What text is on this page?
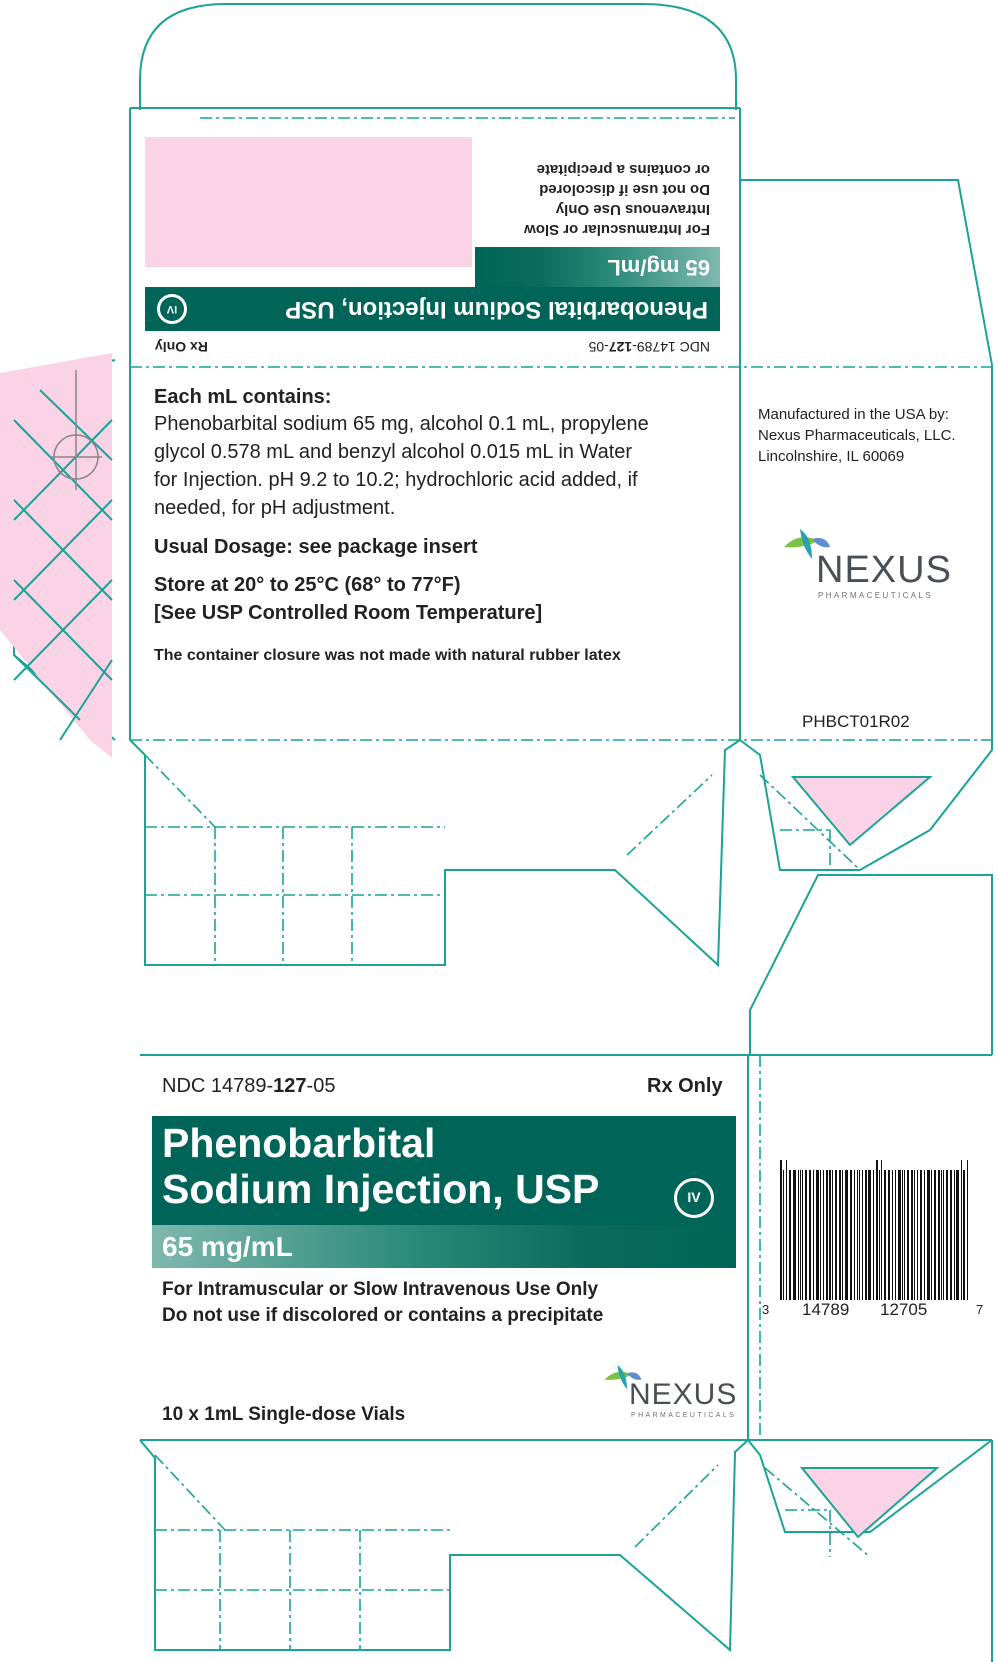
NDC 14789-127-05
Rx Only
Phenobarbital Sodium Injection, USP
IV
65 mg/mL
For Intramuscular or Slow
Intravenous Use Only
Do not use if discolored
or contains a precipitate
Each mL contains:
Phenobarbital sodium 65 mg, alcohol 0.1 mL, propylene
glycol 0.578 mL and benzyl alcohol 0.015 mL in Water
for Injection. pH 9.2 to 10.2; hydrochloric acid added, if
needed, for pH adjustment.
Usual Dosage: see package insert
Store at 20° to 25°C (68° to 77°F)
[See USP Controlled Room Temperature]
The container closure was not made with natural rubber latex
Manufactured in the USA by:
Nexus Pharmaceuticals, LLC.
Lincolnshire, IL 60069
NEXUS
PHARMACEUTICALS
PHBCT01R02
NDC 14789-127-05	Rx Only
Phenobarbital
Sodium Injection, USP	IV
65 mg/mL
For Intramuscular or Slow Intravenous Use Only
Do not use if discolored or contains a precipitate
NEXUS
PHARMACEUTICALS
10 x 1mL Single-dose Vials
3 14789 12705	7
